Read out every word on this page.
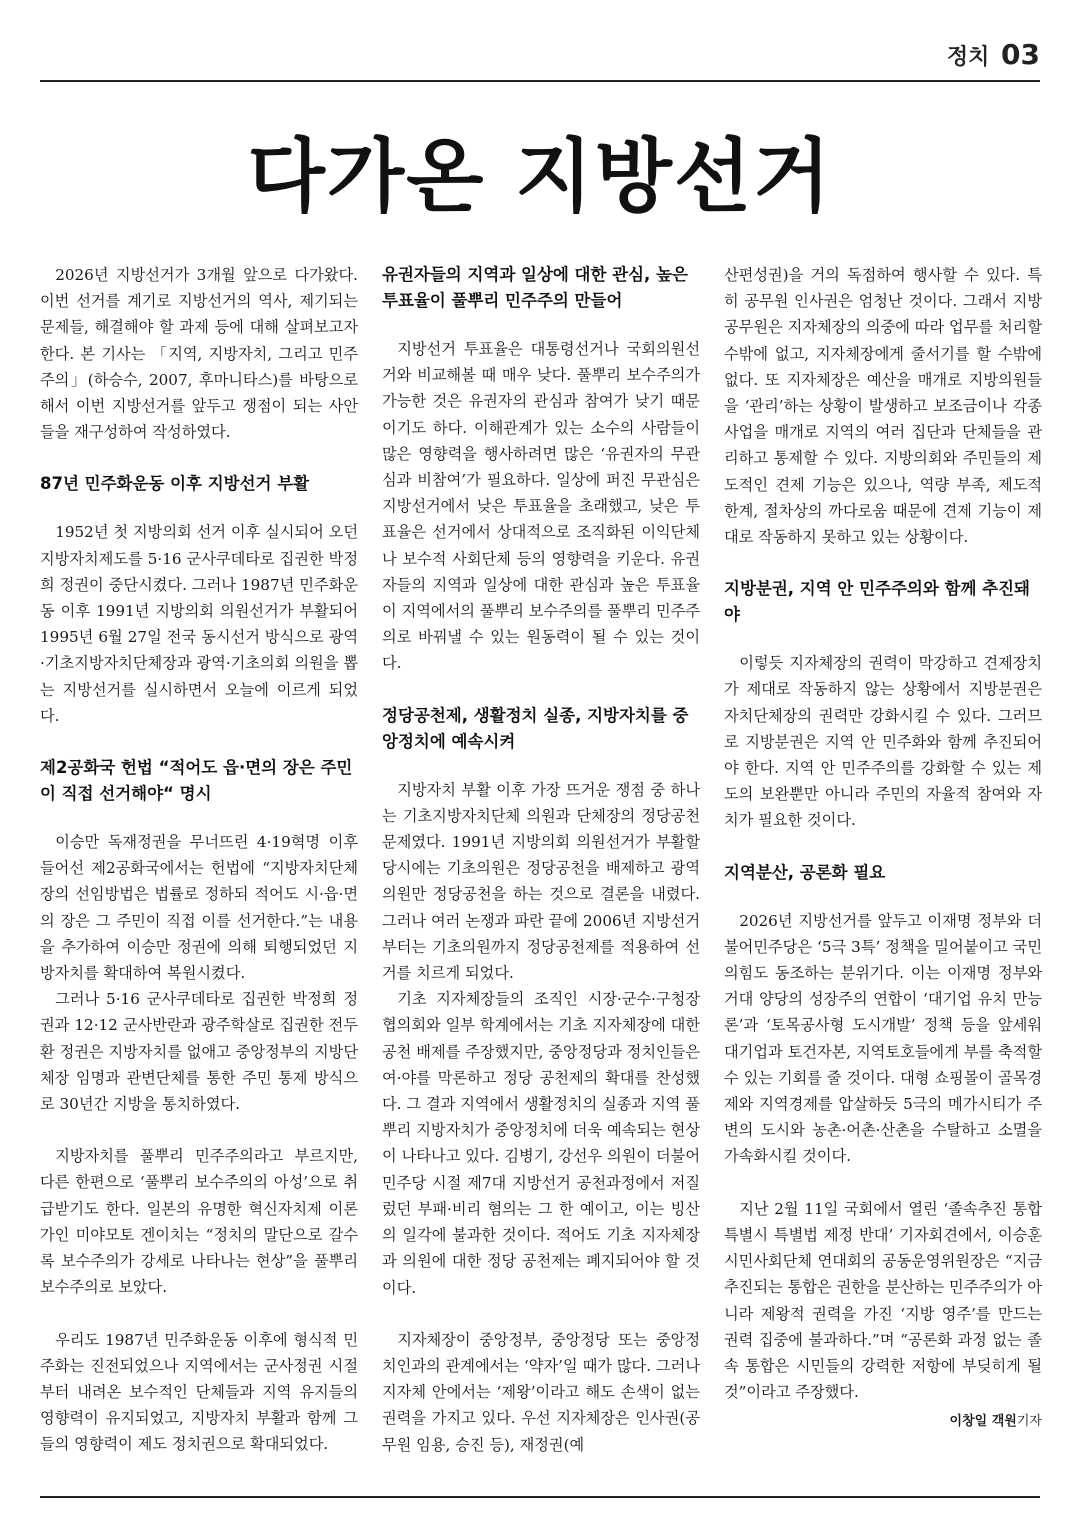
정치 03
다가온 지방선거

2026년 지방선거가 3개월 앞으로 다가왔다. 이번 선거를 계기로 지방선거의 역사, 제기되는 문제들, 해결해야 할 과제 등에 대해 살펴보고자 한다. 본 기사는 「지역, 지방자치, 그리고 민주주의」(하승수, 2007, 후마니타스)를 바탕으로 해서 이번 지방선거를 앞두고 쟁점이 되는 사안들을 재구성하여 작성하였다.

87년 민주화운동 이후 지방선거 부활

1952년 첫 지방의회 선거 이후 실시되어 오던 지방자치제도를 5·16 군사쿠데타로 집권한 박정희 정권이 중단시켰다. 그러나 1987년 민주화운동 이후 1991년 지방의회 의원선거가 부활되어 1995년 6월 27일 전국 동시선거 방식으로 광역·기초지방자치단체장과 광역·기초의회 의원을 뽑는 지방선거를 실시하면서 오늘에 이르게 되었다.

제2공화국 헌법 “적어도 읍·면의 장은 주민이 직접 선거해야“ 명시

이승만 독재정권을 무너뜨린 4·19혁명 이후 들어선 제2공화국에서는 헌법에 “지방자치단체장의 선임방법은 법률로 정하되 적어도 시·읍·면의 장은 그 주민이 직접 이를 선거한다.”는 내용을 추가하여 이승만 정권에 의해 퇴행되었던 지방자치를 확대하여 복원시켰다.

그러나 5·16 군사쿠데타로 집권한 박정희 정권과 12·12 군사반란과 광주학살로 집권한 전두환 정권은 지방자치를 없애고 중앙정부의 지방단체장 임명과 관변단체를 통한 주민 통제 방식으로 30년간 지방을 통치하였다.

지방자치를 풀뿌리 민주주의라고 부르지만, 다른 한편으로 ‘풀뿌리 보수주의의 아성’으로 취급받기도 한다. 일본의 유명한 혁신자치제 이론가인 미야모토 겐이치는 “정치의 말단으로 갈수록 보수주의가 강세로 나타나는 현상”을 풀뿌리 보수주의로 보았다.

우리도 1987년 민주화운동 이후에 형식적 민주화는 진전되었으나 지역에서는 군사정권 시절부터 내려온 보수적인 단체들과 지역 유지들의 영향력이 유지되었고, 지방자치 부활과 함께 그들의 영향력이 제도 정치권으로 확대되었다.

유권자들의 지역과 일상에 대한 관심, 높은 투표율이 풀뿌리 민주주의 만들어

지방선거 투표율은 대통령선거나 국회의원선거와 비교해볼 때 매우 낮다. 풀뿌리 보수주의가 가능한 것은 유권자의 관심과 참여가 낮기 때문이기도 하다. 이해관계가 있는 소수의 사람들이 많은 영향력을 행사하려면 많은 ‘유권자의 무관심과 비참여’가 필요하다. 일상에 퍼진 무관심은 지방선거에서 낮은 투표율을 초래했고, 낮은 투표율은 선거에서 상대적으로 조직화된 이익단체나 보수적 사회단체 등의 영향력을 키운다. 유권자들의 지역과 일상에 대한 관심과 높은 투표율이 지역에서의 풀뿌리 보수주의를 풀뿌리 민주주의로 바꿔낼 수 있는 원동력이 될 수 있는 것이다.

정당공천제, 생활정치 실종, 지방자치를 중앙정치에 예속시켜

지방자치 부활 이후 가장 뜨거운 쟁점 중 하나는 기초지방자치단체 의원과 단체장의 정당공천 문제였다. 1991년 지방의회 의원선거가 부활할 당시에는 기초의원은 정당공천을 배제하고 광역의원만 정당공천을 하는 것으로 결론을 내렸다. 그러나 여러 논쟁과 파란 끝에 2006년 지방선거부터는 기초의원까지 정당공천제를 적용하여 선거를 치르게 되었다.

기초 지자체장들의 조직인 시장·군수·구청장협의회와 일부 학계에서는 기초 지자체장에 대한 공천 배제를 주장했지만, 중앙정당과 정치인들은 여·야를 막론하고 정당 공천제의 확대를 찬성했다. 그 결과 지역에서 생활정치의 실종과 지역 풀뿌리 지방자치가 중앙정치에 더욱 예속되는 현상이 나타나고 있다. 김병기, 강선우 의원이 더불어민주당 시절 제7대 지방선거 공천과정에서 저질렀던 부패·비리 혐의는 그 한 예이고, 이는 빙산의 일각에 불과한 것이다. 적어도 기초 지자체장과 의원에 대한 정당 공천제는 폐지되어야 할 것이다.

지자체장이 중앙정부, 중앙정당 또는 중앙정치인과의 관계에서는 ‘약자’일 때가 많다. 그러나 지자체 안에서는 ‘제왕’이라고 해도 손색이 없는 권력을 가지고 있다. 우선 지자체장은 인사권(공무원 임용, 승진 등), 재정권(예

산편성권)을 거의 독점하여 행사할 수 있다. 특히 공무원 인사권은 엄청난 것이다. 그래서 지방 공무원은 지자체장의 의중에 따라 업무를 처리할 수밖에 없고, 지자체장에게 줄서기를 할 수밖에 없다. 또 지자체장은 예산을 매개로 지방의원들을 ‘관리’하는 상황이 발생하고 보조금이나 각종 사업을 매개로 지역의 여러 집단과 단체들을 관리하고 통제할 수 있다. 지방의회와 주민들의 제도적인 견제 기능은 있으나, 역량 부족, 제도적 한계, 절차상의 까다로움 때문에 견제 기능이 제대로 작동하지 못하고 있는 상황이다.

지방분권, 지역 안 민주주의와 함께 추진돼야

이렇듯 지자체장의 권력이 막강하고 견제장치가 제대로 작동하지 않는 상황에서 지방분권은 자치단체장의 권력만 강화시킬 수 있다. 그러므로 지방분권은 지역 안 민주화와 함께 추진되어야 한다. 지역 안 민주주의를 강화할 수 있는 제도의 보완뿐만 아니라 주민의 자율적 참여와 자치가 필요한 것이다.

지역분산, 공론화 필요

2026년 지방선거를 앞두고 이재명 정부와 더불어민주당은 ‘5극 3특’ 정책을 밀어붙이고 국민의힘도 동조하는 분위기다. 이는 이재명 정부와 거대 양당의 성장주의 연합이 ‘대기업 유치 만능론’과 ‘토목공사형 도시개발’ 정책 등을 앞세워 대기업과 토건자본, 지역토호들에게 부를 축적할 수 있는 기회를 줄 것이다. 대형 쇼핑몰이 골목경제와 지역경제를 압살하듯 5극의 메가시티가 주변의 도시와 농촌·어촌·산촌을 수탈하고 소멸을 가속화시킬 것이다.

지난 2월 11일 국회에서 열린 ‘졸속추진 통합특별시 특별법 제정 반대’ 기자회견에서, 이승훈 시민사회단체 연대회의 공동운영위원장은 “지금 추진되는 통합은 권한을 분산하는 민주주의가 아니라 제왕적 권력을 가진 ‘지방 영주’를 만드는 권력 집중에 불과하다.”며 “공론화 과정 없는 졸속 통합은 시민들의 강력한 저항에 부딪히게 될 것”이라고 주장했다.

이창일 객원기자
